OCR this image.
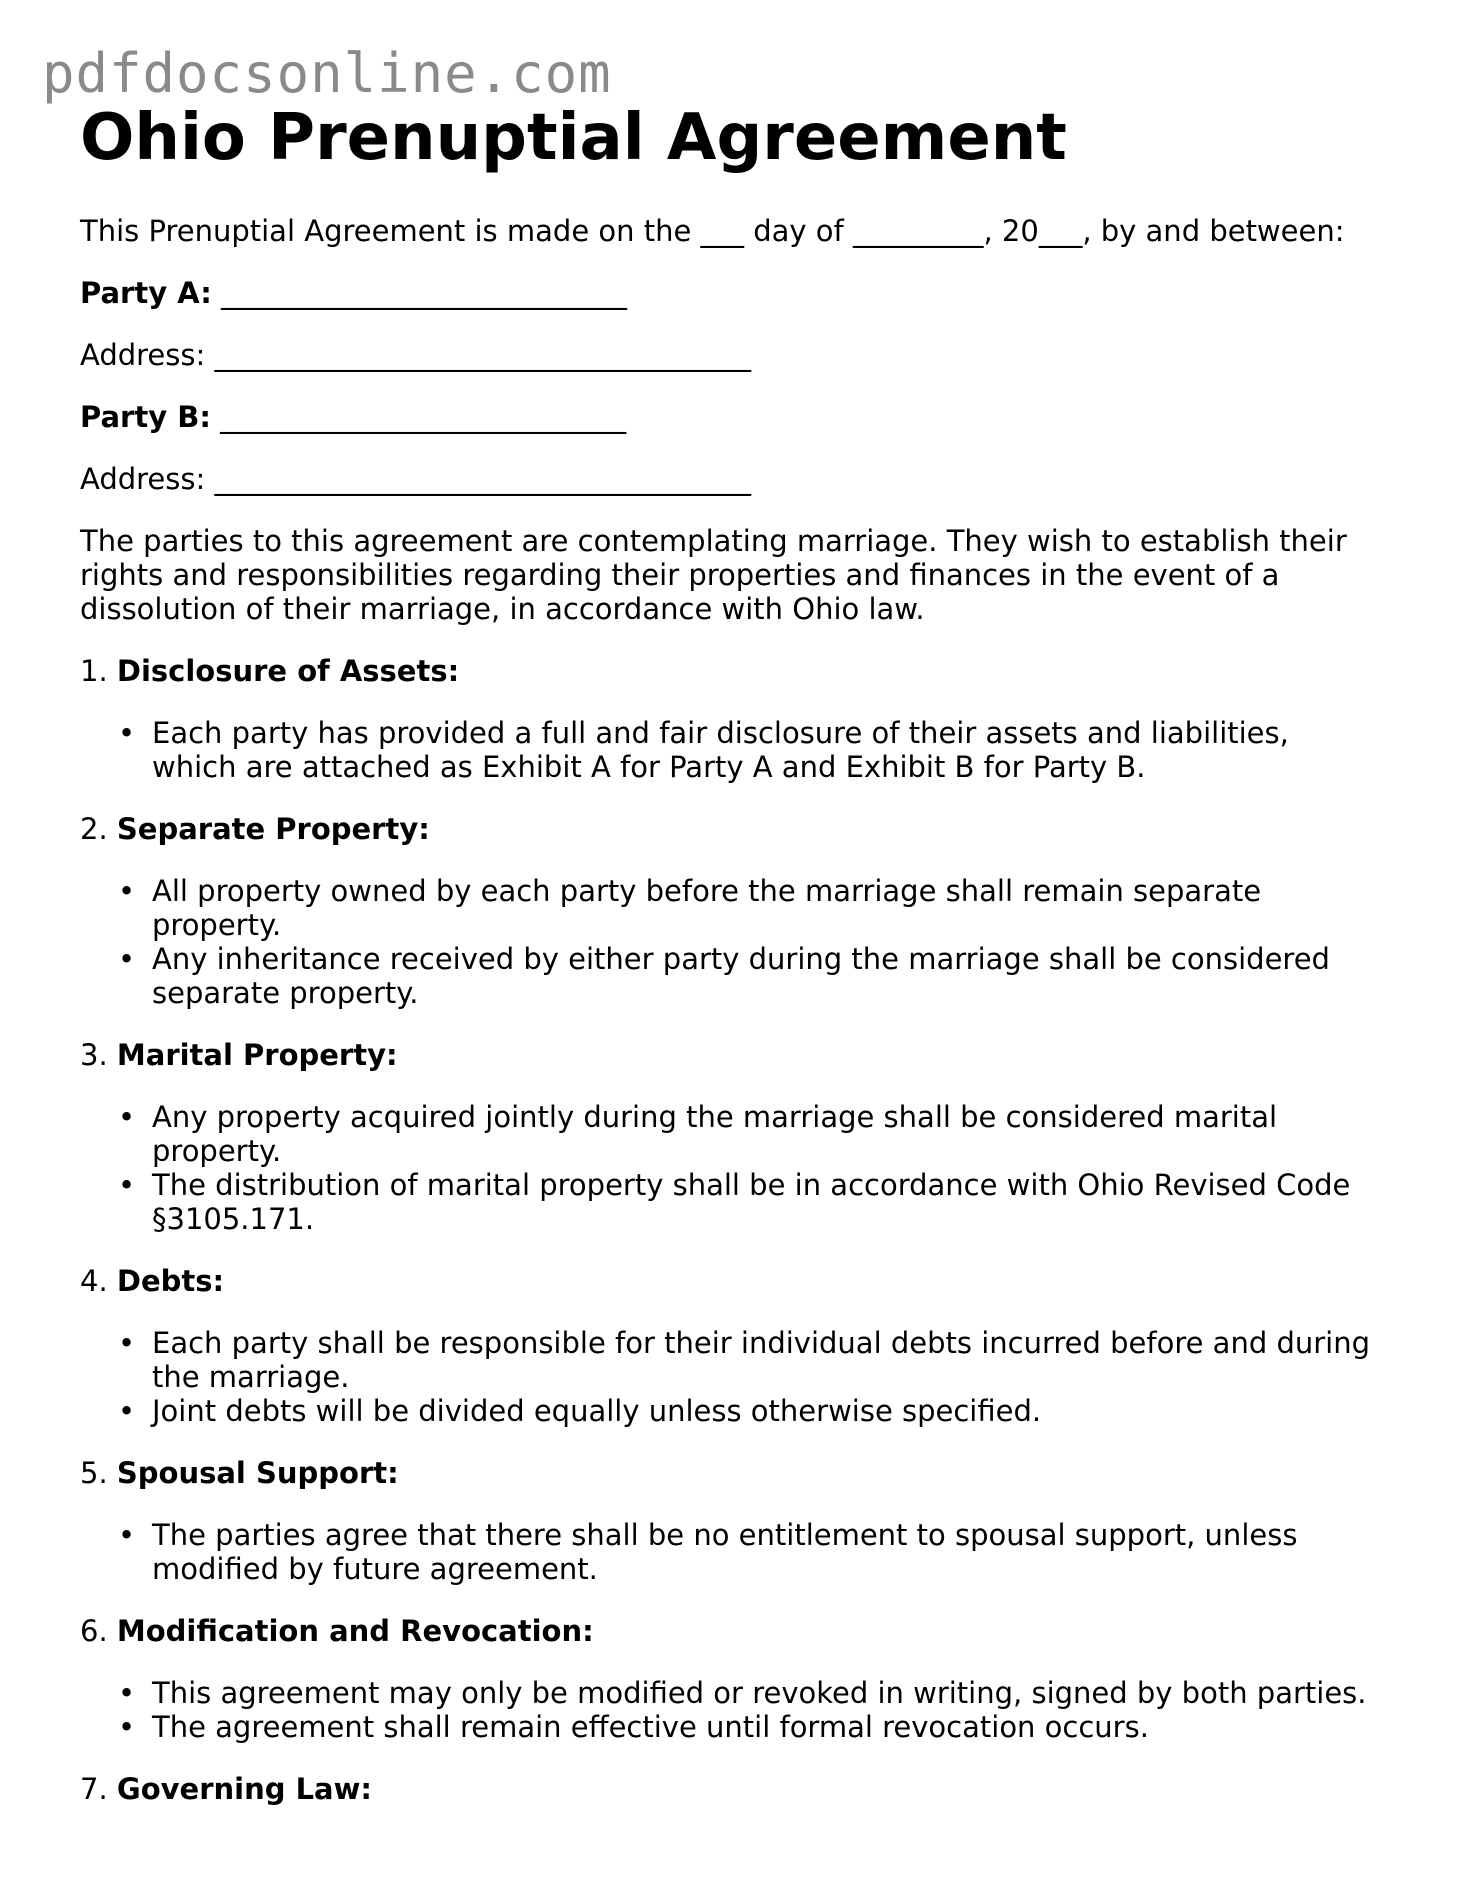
pdfdocsonline.com
Ohio Prenuptial Agreement

This Prenuptial Agreement is made on the ___ day of _________, 20___, by and between:

Party A: ____________________________

Address: _____________________________________

Party B: ____________________________

Address: _____________________________________

The parties to this agreement are contemplating marriage. They wish to establish their rights and responsibilities regarding their properties and finances in the event of a dissolution of their marriage, in accordance with Ohio law.

1. Disclosure of Assets:

• Each party has provided a full and fair disclosure of their assets and liabilities, which are attached as Exhibit A for Party A and Exhibit B for Party B.

2. Separate Property:

• All property owned by each party before the marriage shall remain separate property.
• Any inheritance received by either party during the marriage shall be considered separate property.

3. Marital Property:

• Any property acquired jointly during the marriage shall be considered marital property.
• The distribution of marital property shall be in accordance with Ohio Revised Code §3105.171.

4. Debts:

• Each party shall be responsible for their individual debts incurred before and during the marriage.
• Joint debts will be divided equally unless otherwise specified.

5. Spousal Support:

• The parties agree that there shall be no entitlement to spousal support, unless modified by future agreement.

6. Modification and Revocation:

• This agreement may only be modified or revoked in writing, signed by both parties.
• The agreement shall remain effective until formal revocation occurs.

7. Governing Law:
